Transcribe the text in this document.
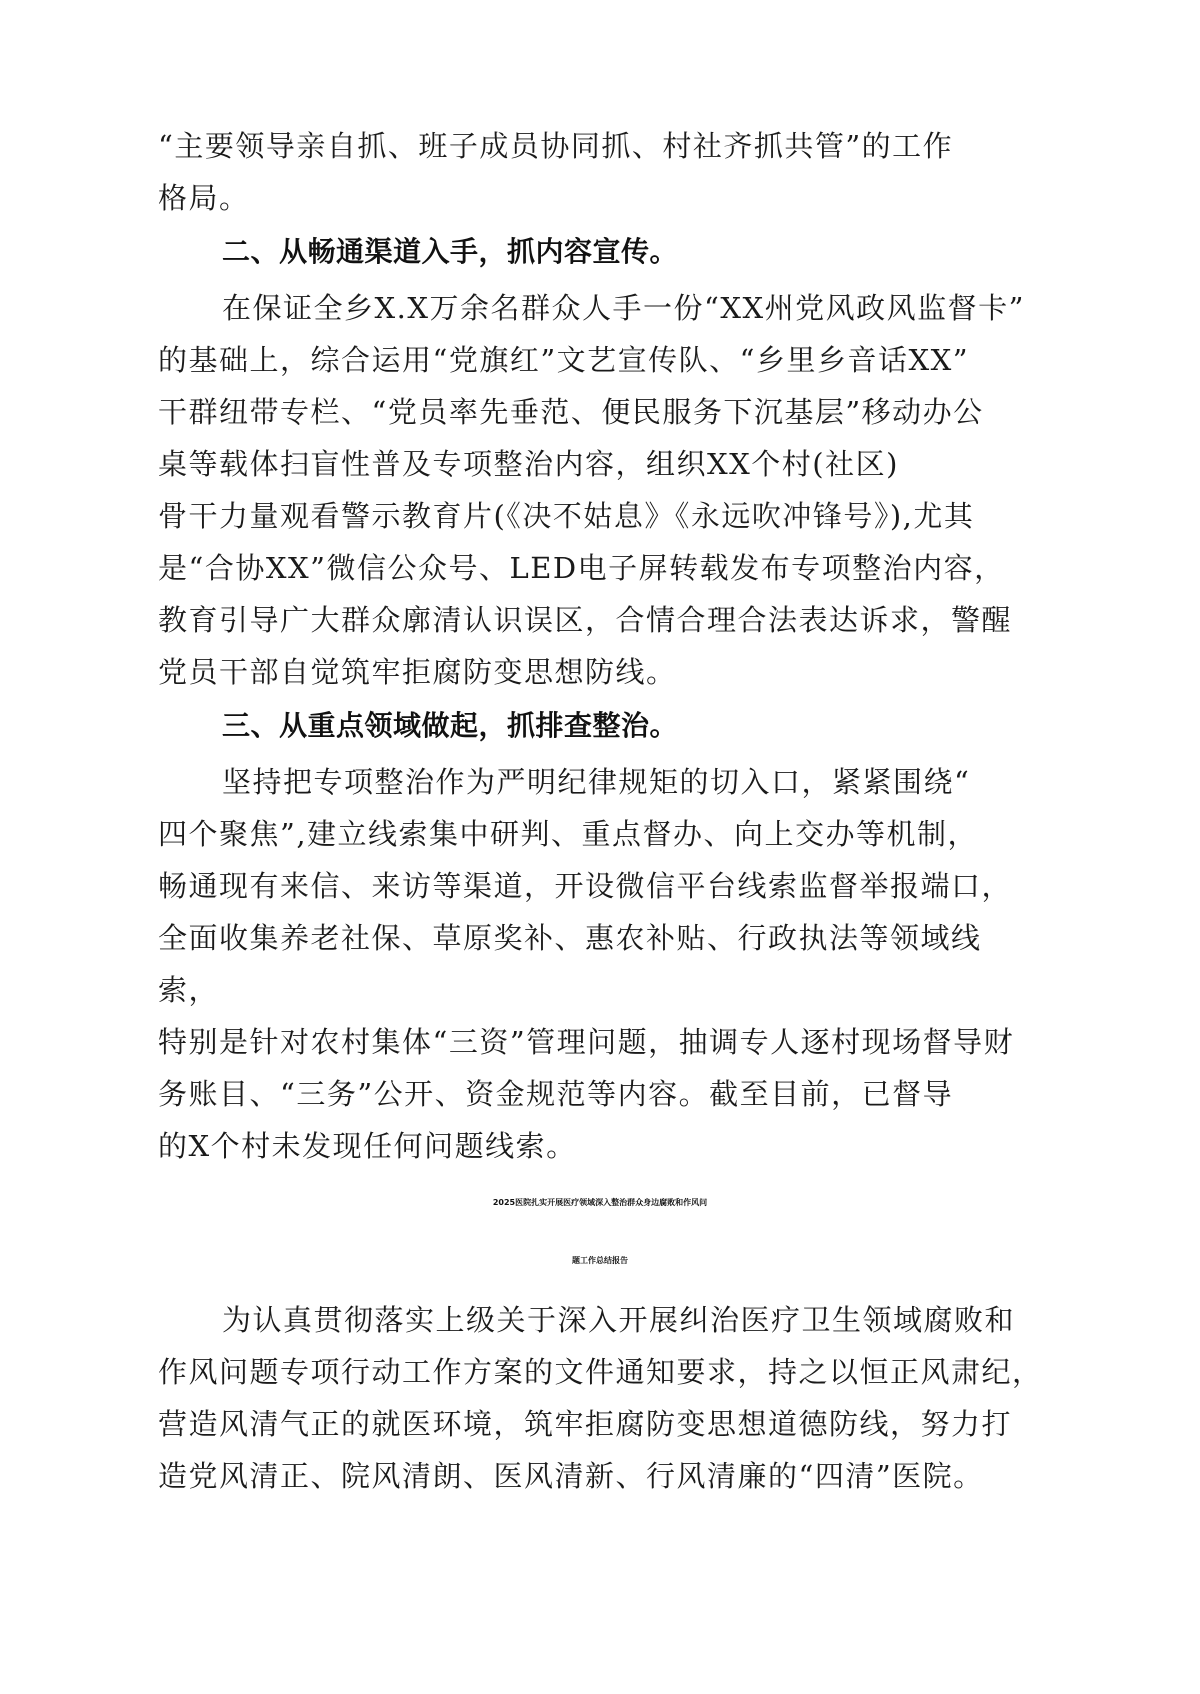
“主要领导亲自抓、班子成员协同抓、村社齐抓共管”的工作
格局。
二、从畅通渠道入手，抓内容宣传。
在保证全乡X.X万余名群众人手一份“XX州党风政风监督卡”
的基础上，综合运用“党旗红”文艺宣传队、“乡里乡音话XX”
干群纽带专栏、“党员率先垂范、便民服务下沉基层”移动办公
桌等载体扫盲性普及专项整治内容，组织XX个村(社区)
骨干力量观看警示教育片(《决不姑息》《永远吹冲锋号》),尤其
是“合协XX”微信公众号、LED电子屏转载发布专项整治内容，
教育引导广大群众廓清认识误区，合情合理合法表达诉求，警醒
党员干部自觉筑牢拒腐防变思想防线。
三、从重点领域做起，抓排查整治。
坚持把专项整治作为严明纪律规矩的切入口，紧紧围绕“
四个聚焦”,建立线索集中研判、重点督办、向上交办等机制，
畅通现有来信、来访等渠道，开设微信平台线索监督举报端口，
全面收集养老社保、草原奖补、惠农补贴、行政执法等领域线
索，
特别是针对农村集体“三资”管理问题，抽调专人逐村现场督导财
务账目、“三务”公开、资金规范等内容。截至目前，已督导
的X个村未发现任何问题线索。
2025医院扎实开展医疗领域深入整治群众身边腐败和作风问
题工作总结报告
为认真贯彻落实上级关于深入开展纠治医疗卫生领域腐败和
作风问题专项行动工作方案的文件通知要求，持之以恒正风肃纪，
营造风清气正的就医环境，筑牢拒腐防变思想道德防线，努力打
造党风清正、院风清朗、医风清新、行风清廉的“四清”医院。
